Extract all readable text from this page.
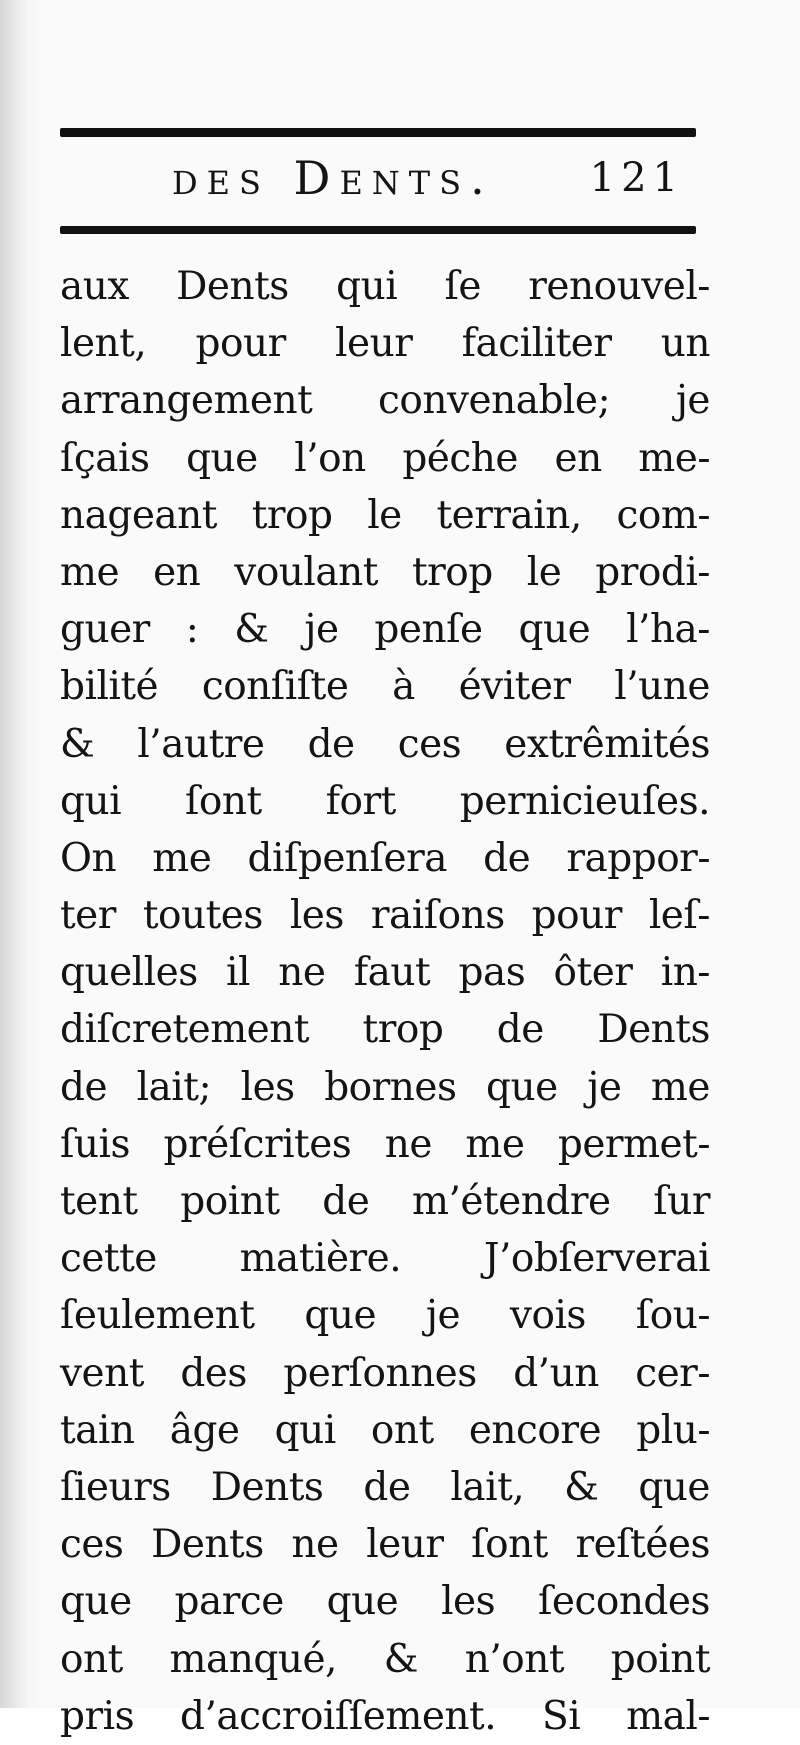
des Dents. 121
aux Dents qui ſe renouvel-
lent, pour leur faciliter un
arrangement convenable; je
ſçais que l’on péche en me-
nageant trop le terrain, com-
me en voulant trop le prodi-
guer : & je penſe que l’ha-
bilité conſiſte à éviter l’une
& l’autre de ces extrêmités
qui ſont fort pernicieuſes.
On me diſpenſera de rappor-
ter toutes les raiſons pour leſ-
quelles il ne faut pas ôter in-
diſcretement trop de Dents
de lait; les bornes que je me
ſuis préſcrites ne me permet-
tent point de m’étendre ſur
cette matière. J’obſerverai
ſeulement que je vois ſou-
vent des perſonnes d’un cer-
tain âge qui ont encore plu-
ſieurs Dents de lait, & que
ces Dents ne leur ſont reſtées
que parce que les ſecondes
ont manqué, & n’ont point
pris d’accroiſſement. Si mal-
